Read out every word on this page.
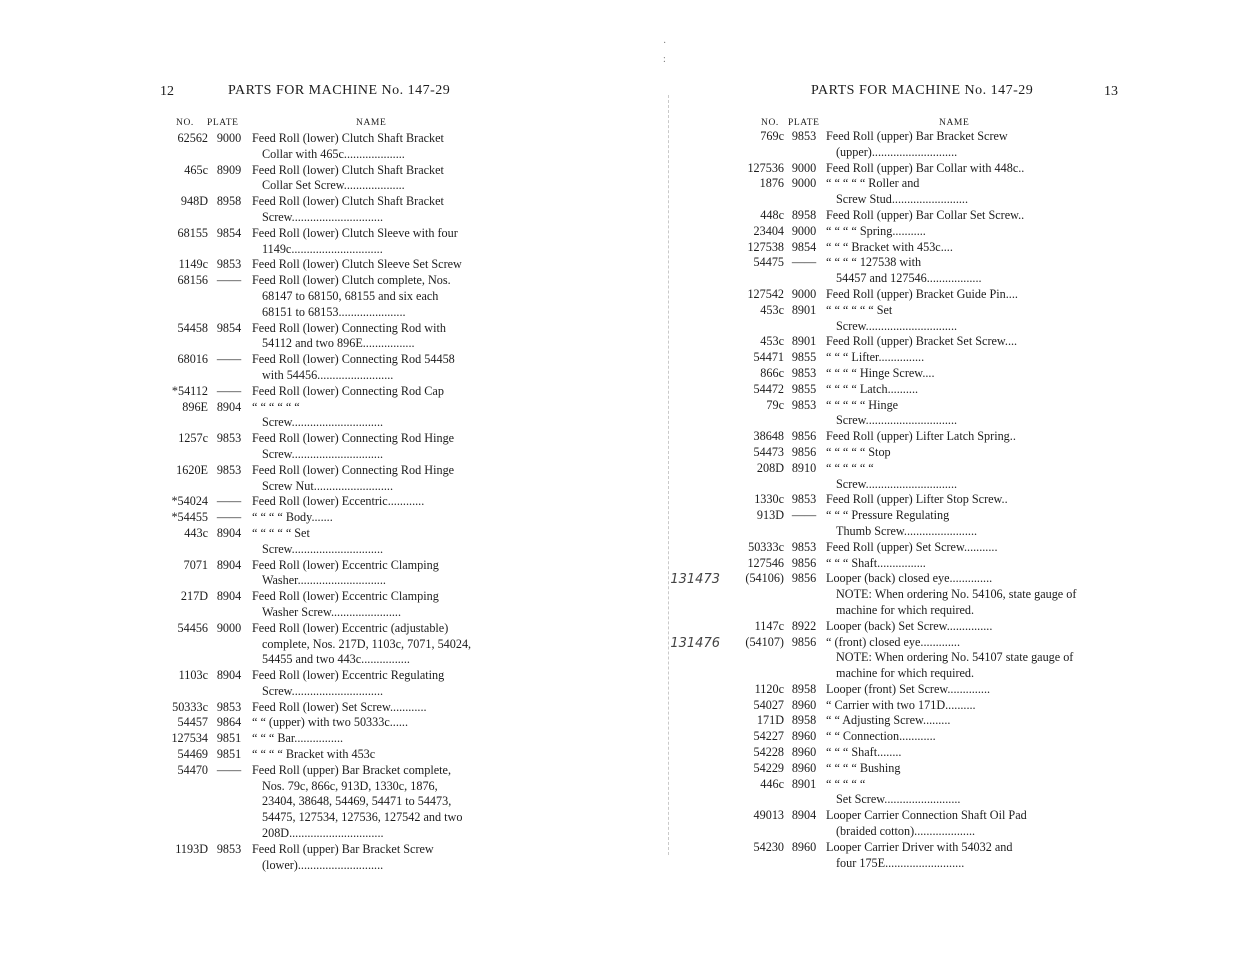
·

:
12	PARTS FOR MACHINE No. 147-29
NO. PLATE	NAME
62562 9000 Feed Roll (lower) Clutch Shaft Bracket
Collar with 465c....................
465c 8909 Feed Roll (lower) Clutch Shaft Bracket
Collar Set Screw....................
948D 8958 Feed Roll (lower) Clutch Shaft Bracket
Screw..............................
68155 9854 Feed Roll (lower) Clutch Sleeve with four
1149c..............................
1149c 9853 Feed Roll (lower) Clutch Sleeve Set Screw
68156 —— Feed Roll (lower) Clutch complete, Nos.
68147 to 68150, 68155 and six each
68151 to 68153......................
54458 9854 Feed Roll (lower) Connecting Rod with
54112 and two 896E.................
68016 —— Feed Roll (lower) Connecting Rod 54458
with 54456.........................
*54112 —— Feed Roll (lower) Connecting Rod Cap
896E 8904 “ “ “ “ “ “
Screw..............................
1257c 9853 Feed Roll (lower) Connecting Rod Hinge
Screw..............................
1620E 9853 Feed Roll (lower) Connecting Rod Hinge
Screw Nut..........................
*54024 —— Feed Roll (lower) Eccentric............
*54455 —— “ “ “ “ Body.......
443c 8904 “ “ “ “ “ Set
Screw..............................
7071 8904 Feed Roll (lower) Eccentric Clamping
Washer.............................
217D 8904 Feed Roll (lower) Eccentric Clamping
Washer Screw.......................
54456 9000 Feed Roll (lower) Eccentric (adjustable)
complete, Nos. 217D, 1103c, 7071, 54024,
54455 and two 443c................
1103c 8904 Feed Roll (lower) Eccentric Regulating
Screw..............................
50333c 9853 Feed Roll (lower) Set Screw............
54457 9864 “ “ (upper) with two 50333c......
127534 9851 “ “ “ Bar................
54469 9851 “ “ “ “ Bracket with 453c
54470 —— Feed Roll (upper) Bar Bracket complete,
Nos. 79c, 866c, 913D, 1330c, 1876,
23404, 38648, 54469, 54471 to 54473,
54475, 127534, 127536, 127542 and two
208D...............................
1193D 9853 Feed Roll (upper) Bar Bracket Screw
(lower)............................
PARTS FOR MACHINE No. 147-29	13
NO. PLATE	NAME
769c 9853 Feed Roll (upper) Bar Bracket Screw
(upper)............................
127536 9000 Feed Roll (upper) Bar Collar with 448c..
1876 9000 “ “ “ “ “ Roller and
Screw Stud.........................
448c 8958 Feed Roll (upper) Bar Collar Set Screw..
23404 9000 “ “ “ “ Spring...........
127538 9854 “ “ “ Bracket with 453c....
54475 —— “ “ “ “ 127538 with
54457 and 127546..................
127542 9000 Feed Roll (upper) Bracket Guide Pin....
453c 8901 “ “ “ “ “ “ Set
Screw..............................
453c 8901 Feed Roll (upper) Bracket Set Screw....
54471 9855 “ “ “ Lifter...............
866c 9853 “ “ “ “ Hinge Screw....
54472 9855 “ “ “ “ Latch..........
79c 9853 “ “ “ “ “ Hinge
Screw..............................
38648 9856 Feed Roll (upper) Lifter Latch Spring..
54473 9856 “ “ “ “ “ Stop
208D 8910 “ “ “ “ “ “
Screw..............................
1330c 9853 Feed Roll (upper) Lifter Stop Screw..
913D —— “ “ “ Pressure Regulating
Thumb Screw........................
50333c 9853 Feed Roll (upper) Set Screw...........
127546 9856 “ “ “ Shaft................
131473	(54106) 9856 Looper (back) closed eye..............
NOTE: When ordering No. 54106, state gauge of
machine for which required.
1147c 8922 Looper (back) Set Screw...............
131476	(54107) 9856 “ (front) closed eye.............
NOTE: When ordering No. 54107 state gauge of
machine for which required.
1120c 8958 Looper (front) Set Screw..............
54027 8960 “ Carrier with two 171D..........
171D 8958 “ “ Adjusting Screw.........
54227 8960 “ “ Connection............
54228 8960 “ “ “ Shaft........
54229 8960 “ “ “ “ Bushing
446c 8901 “ “ “ “ “
Set Screw.........................
49013 8904 Looper Carrier Connection Shaft Oil Pad
(braided cotton)....................
54230 8960 Looper Carrier Driver with 54032 and
four 175E..........................
